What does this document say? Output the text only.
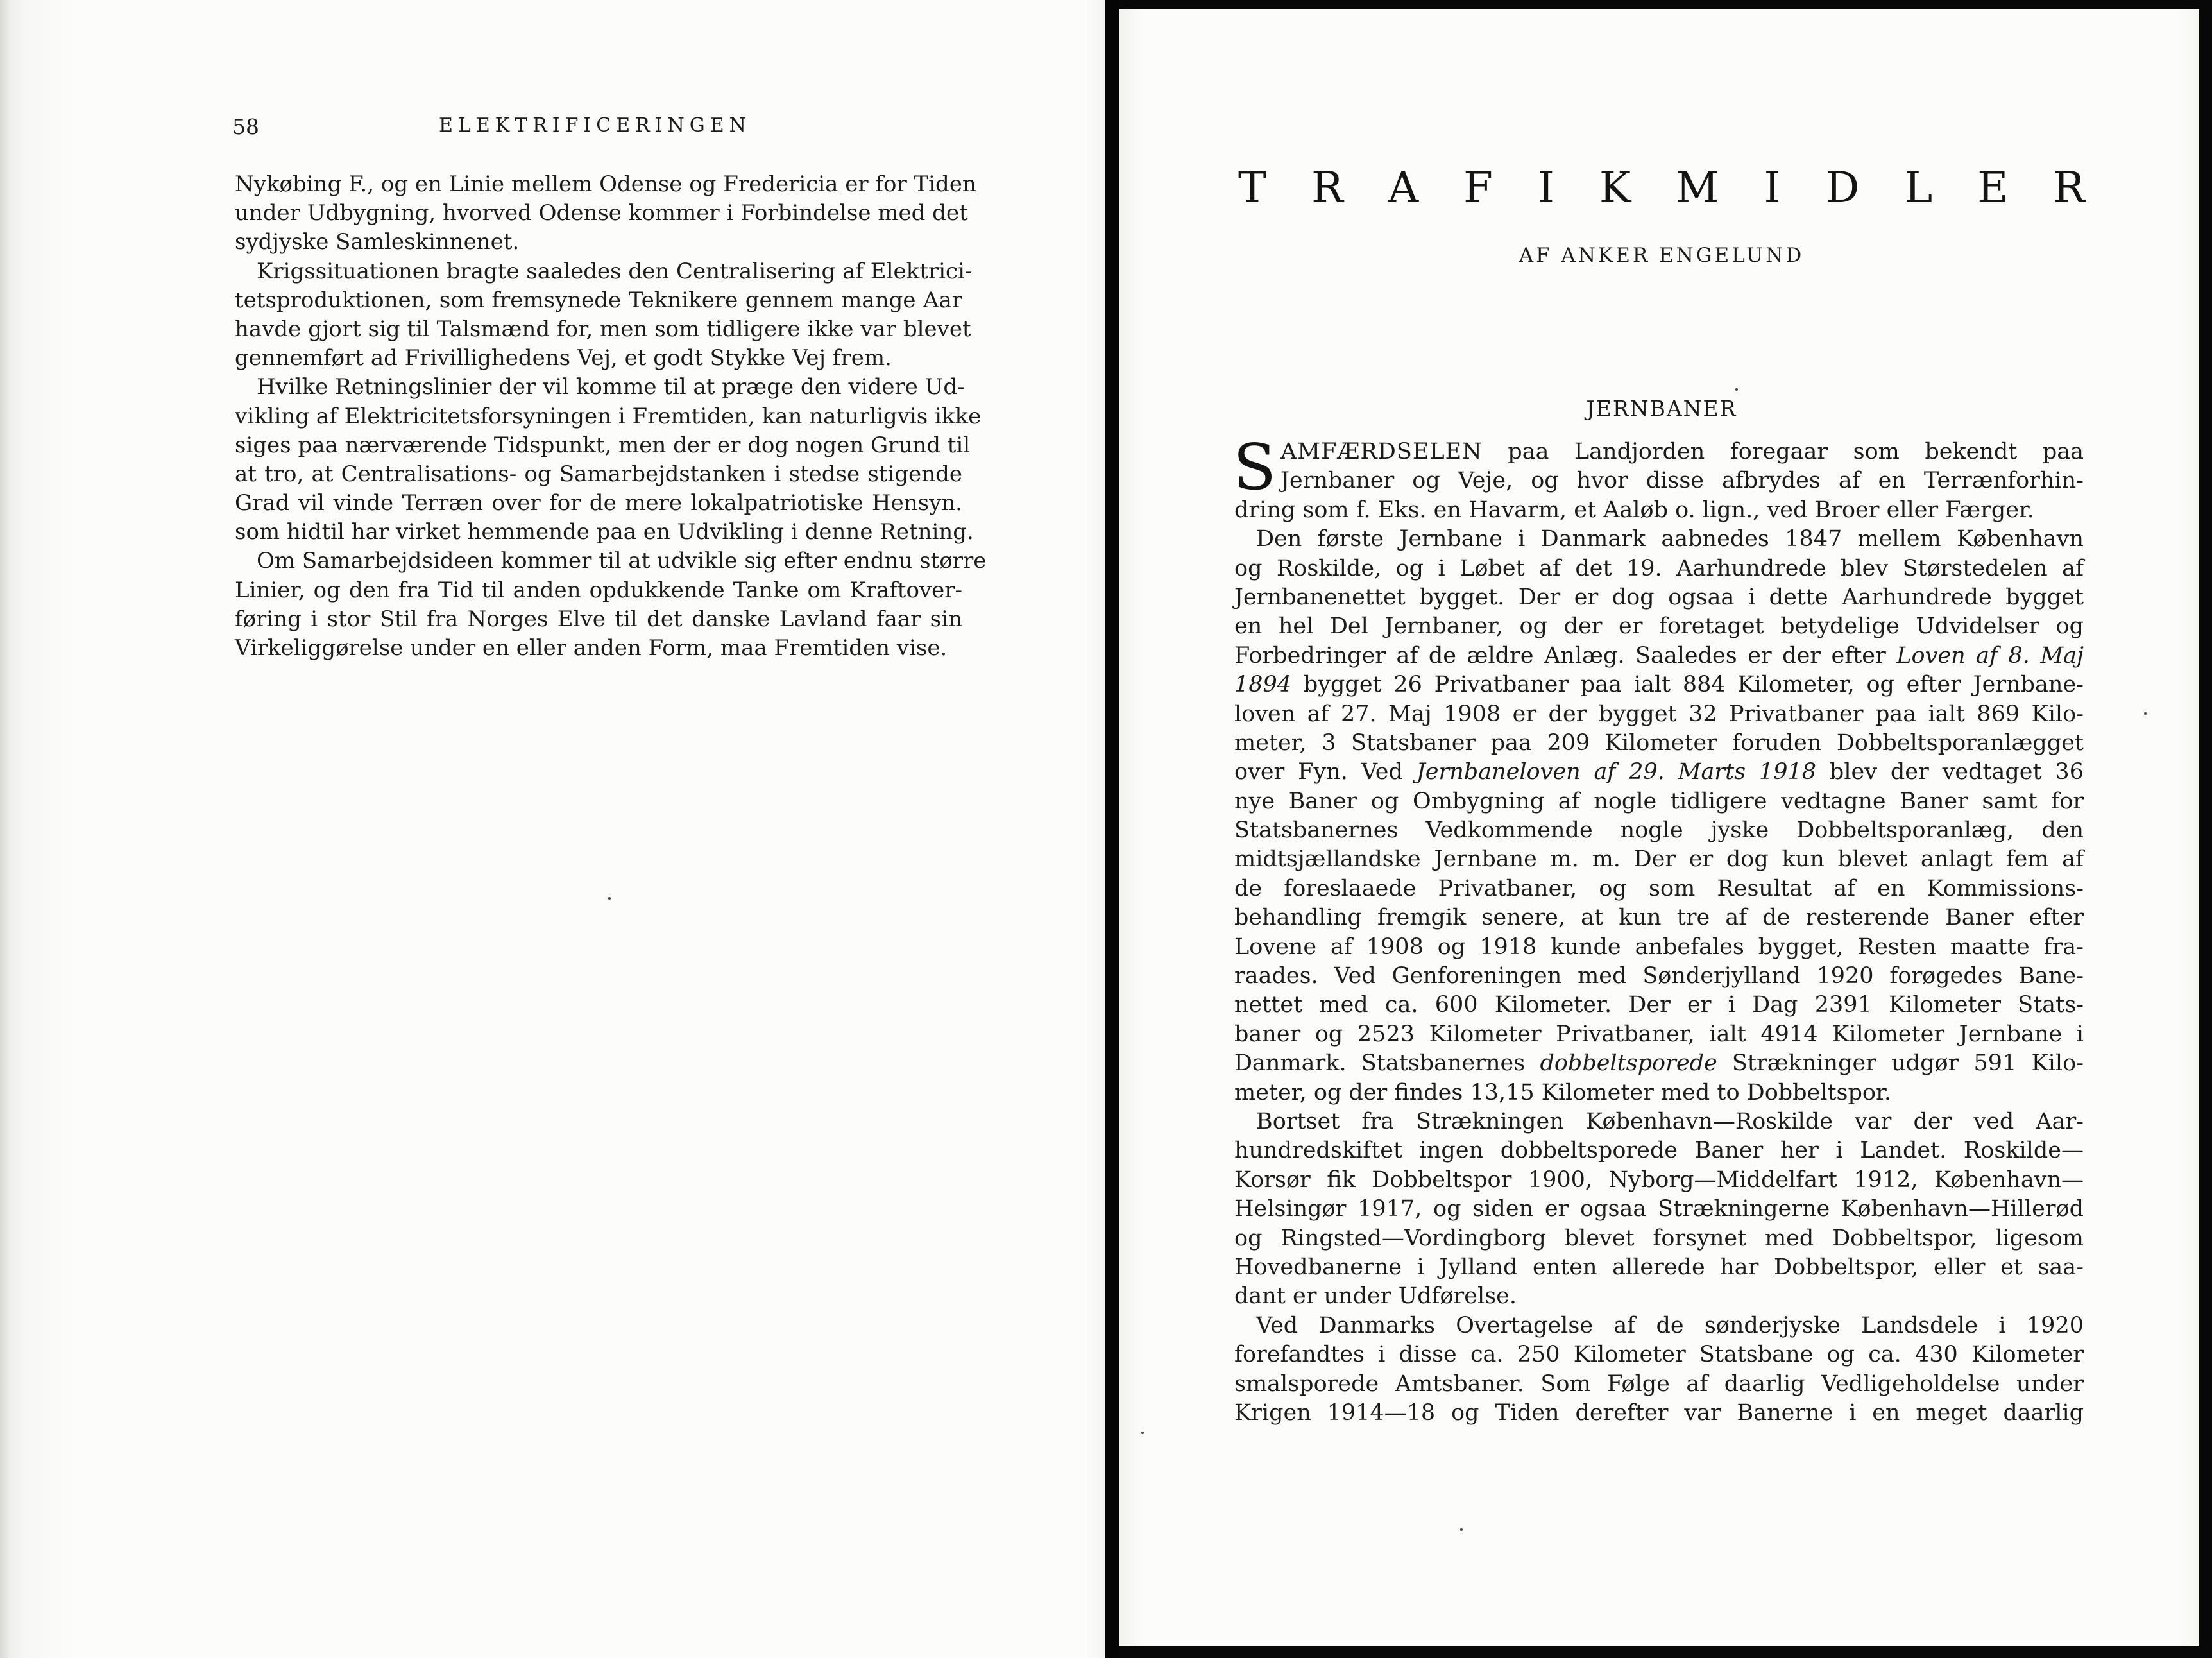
58	ELEKTRIFICERINGEN
Nykøbing F., og en Linie mellem Odense og Fredericia er for Tiden
under Udbygning, hvorved Odense kommer i Forbindelse med det
sydjyske Samleskinnenet.
Krigssituationen bragte saaledes den Centralisering af Elektrici-
tetsproduktionen, som fremsynede Teknikere gennem mange Aar
havde gjort sig til Talsmænd for, men som tidligere ikke var blevet
gennemført ad Frivillighedens Vej, et godt Stykke Vej frem.
Hvilke Retningslinier der vil komme til at præge den videre Ud-
vikling af Elektricitetsforsyningen i Fremtiden, kan naturligvis ikke
siges paa nærværende Tidspunkt, men der er dog nogen Grund til
at tro, at Centralisations- og Samarbejdstanken i stedse stigende
Grad vil vinde Terræn over for de mere lokalpatriotiske Hensyn.
som hidtil har virket hemmende paa en Udvikling i denne Retning.
Om Samarbejdsideen kommer til at udvikle sig efter endnu større
Linier, og den fra Tid til anden opdukkende Tanke om Kraftover-
føring i stor Stil fra Norges Elve til det danske Lavland faar sin
Virkeliggørelse under en eller anden Form, maa Fremtiden vise.
T R A F I K M I D L E R
AF ANKER ENGELUND
JERNBANER
S AMFÆRDSELEN paa Landjorden foregaar som bekendt paa
Jernbaner og Veje, og hvor disse afbrydes af en Terrænforhin-
dring som f. Eks. en Havarm, et Aaløb o. lign., ved Broer eller Færger.
Den første Jernbane i Danmark aabnedes 1847 mellem København
og Roskilde, og i Løbet af det 19. Aarhundrede blev Størstedelen af
Jernbanenettet bygget. Der er dog ogsaa i dette Aarhundrede bygget
en hel Del Jernbaner, og der er foretaget betydelige Udvidelser og
Forbedringer af de ældre Anlæg. Saaledes er der efter Loven af 8. Maj
1894 bygget 26 Privatbaner paa ialt 884 Kilometer, og efter Jernbane-
loven af 27. Maj 1908 er der bygget 32 Privatbaner paa ialt 869 Kilo-
meter, 3 Statsbaner paa 209 Kilometer foruden Dobbeltsporanlægget
over Fyn. Ved Jernbaneloven af 29. Marts 1918 blev der vedtaget 36
nye Baner og Ombygning af nogle tidligere vedtagne Baner samt for
Statsbanernes Vedkommende nogle jyske Dobbeltsporanlæg, den
midtsjællandske Jernbane m. m. Der er dog kun blevet anlagt fem af
de foreslaaede Privatbaner, og som Resultat af en Kommissions-
behandling fremgik senere, at kun tre af de resterende Baner efter
Lovene af 1908 og 1918 kunde anbefales bygget, Resten maatte fra-
raades. Ved Genforeningen med Sønderjylland 1920 forøgedes Bane-
nettet med ca. 600 Kilometer. Der er i Dag 2391 Kilometer Stats-
baner og 2523 Kilometer Privatbaner, ialt 4914 Kilometer Jernbane i
Danmark. Statsbanernes dobbeltsporede Strækninger udgør 591 Kilo-
meter, og der findes 13,15 Kilometer med to Dobbeltspor.
Bortset fra Strækningen København—Roskilde var der ved Aar-
hundredskiftet ingen dobbeltsporede Baner her i Landet. Roskilde—
Korsør fik Dobbeltspor 1900, Nyborg—Middelfart 1912, København—
Helsingør 1917, og siden er ogsaa Strækningerne København—Hillerød
og Ringsted—Vordingborg blevet forsynet med Dobbeltspor, ligesom
Hovedbanerne i Jylland enten allerede har Dobbeltspor, eller et saa-
dant er under Udførelse.
Ved Danmarks Overtagelse af de sønderjyske Landsdele i 1920
forefandtes i disse ca. 250 Kilometer Statsbane og ca. 430 Kilometer
smalsporede Amtsbaner. Som Følge af daarlig Vedligeholdelse under
Krigen 1914—18 og Tiden derefter var Banerne i en meget daarlig
